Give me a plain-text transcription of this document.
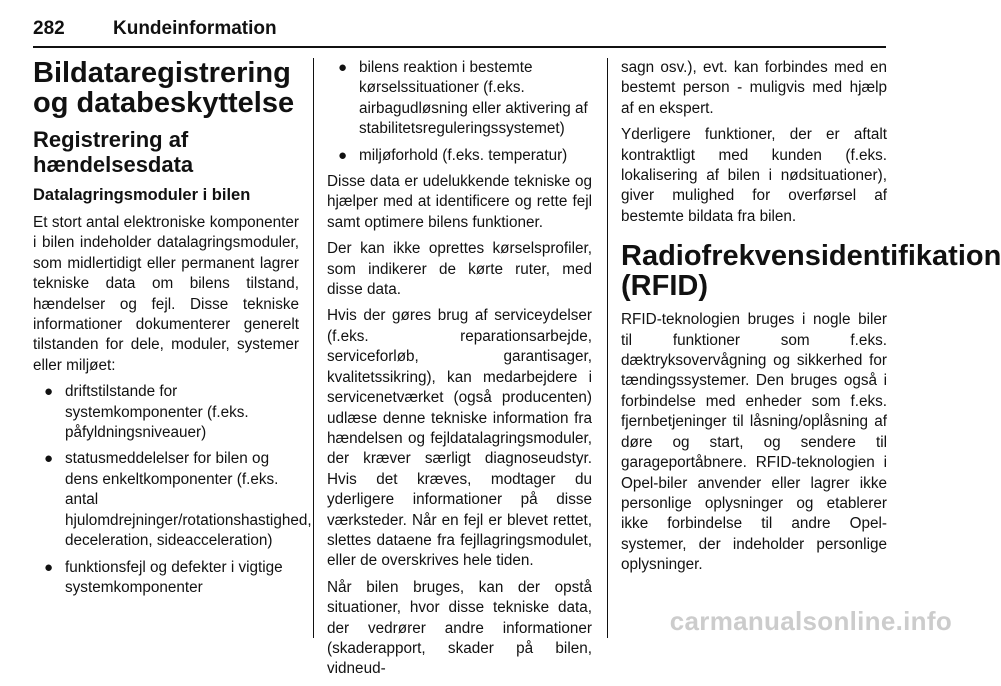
282	Kundeinformation
Bildataregistrering og databeskyttelse
Registrering af hændelsesdata
Datalagringsmoduler i bilen
Et stort antal elektroniske komponenter i bilen indeholder datalagringsmoduler, som midlertidigt eller permanent lagrer tekniske data om bilens tilstand, hændelser og fejl. Disse tekniske informationer dokumenterer generelt tilstanden for dele, moduler, systemer eller miljøet:
● driftstilstande for systemkomponenter (f.eks. påfyldningsniveauer)
● statusmeddelelser for bilen og dens enkeltkomponenter (f.eks. antal hjulomdrejninger/rotationshastighed, deceleration, sideacceleration)
● funktionsfejl og defekter i vigtige systemkomponenter
● bilens reaktion i bestemte kørselssituationer (f.eks. airbagudløsning eller aktivering af stabilitetsreguleringssystemet)
● miljøforhold (f.eks. temperatur)
Disse data er udelukkende tekniske og hjælper med at identificere og rette fejl samt optimere bilens funktioner.
Der kan ikke oprettes kørselsprofiler, som indikerer de kørte ruter, med disse data.
Hvis der gøres brug af serviceydelser (f.eks. reparationsarbejde, serviceforløb, garantisager, kvalitetssikring), kan medarbejdere i servicenetværket (også producenten) udlæse denne tekniske information fra hændelsen og fejldatalagringsmoduler, der kræver særligt diagnoseudstyr. Hvis det kræves, modtager du yderligere informationer på disse værksteder. Når en fejl er blevet rettet, slettes dataene fra fejllagringsmodulet, eller de overskrives hele tiden.
Når bilen bruges, kan der opstå situationer, hvor disse tekniske data, der vedrører andre informationer (skaderapport, skader på bilen, vidneud-
sagn osv.), evt. kan forbindes med en bestemt person - muligvis med hjælp af en ekspert.
Yderligere funktioner, der er aftalt kontraktligt med kunden (f.eks. lokalisering af bilen i nødsituationer), giver mulighed for overførsel af bestemte bildata fra bilen.
Radiofrekvensidentifikation (RFID)
RFID-teknologien bruges i nogle biler til funktioner som f.eks. dæktryksovervågning og sikkerhed for tændingssystemer. Den bruges også i forbindelse med enheder som f.eks. fjernbetjeninger til låsning/oplåsning af døre og start, og sendere til garageportåbnere. RFID-teknologien i Opel-biler anvender eller lagrer ikke personlige oplysninger og etablerer ikke forbindelse til andre Opel-systemer, der indeholder personlige oplysninger.
carmanualsonline.info
